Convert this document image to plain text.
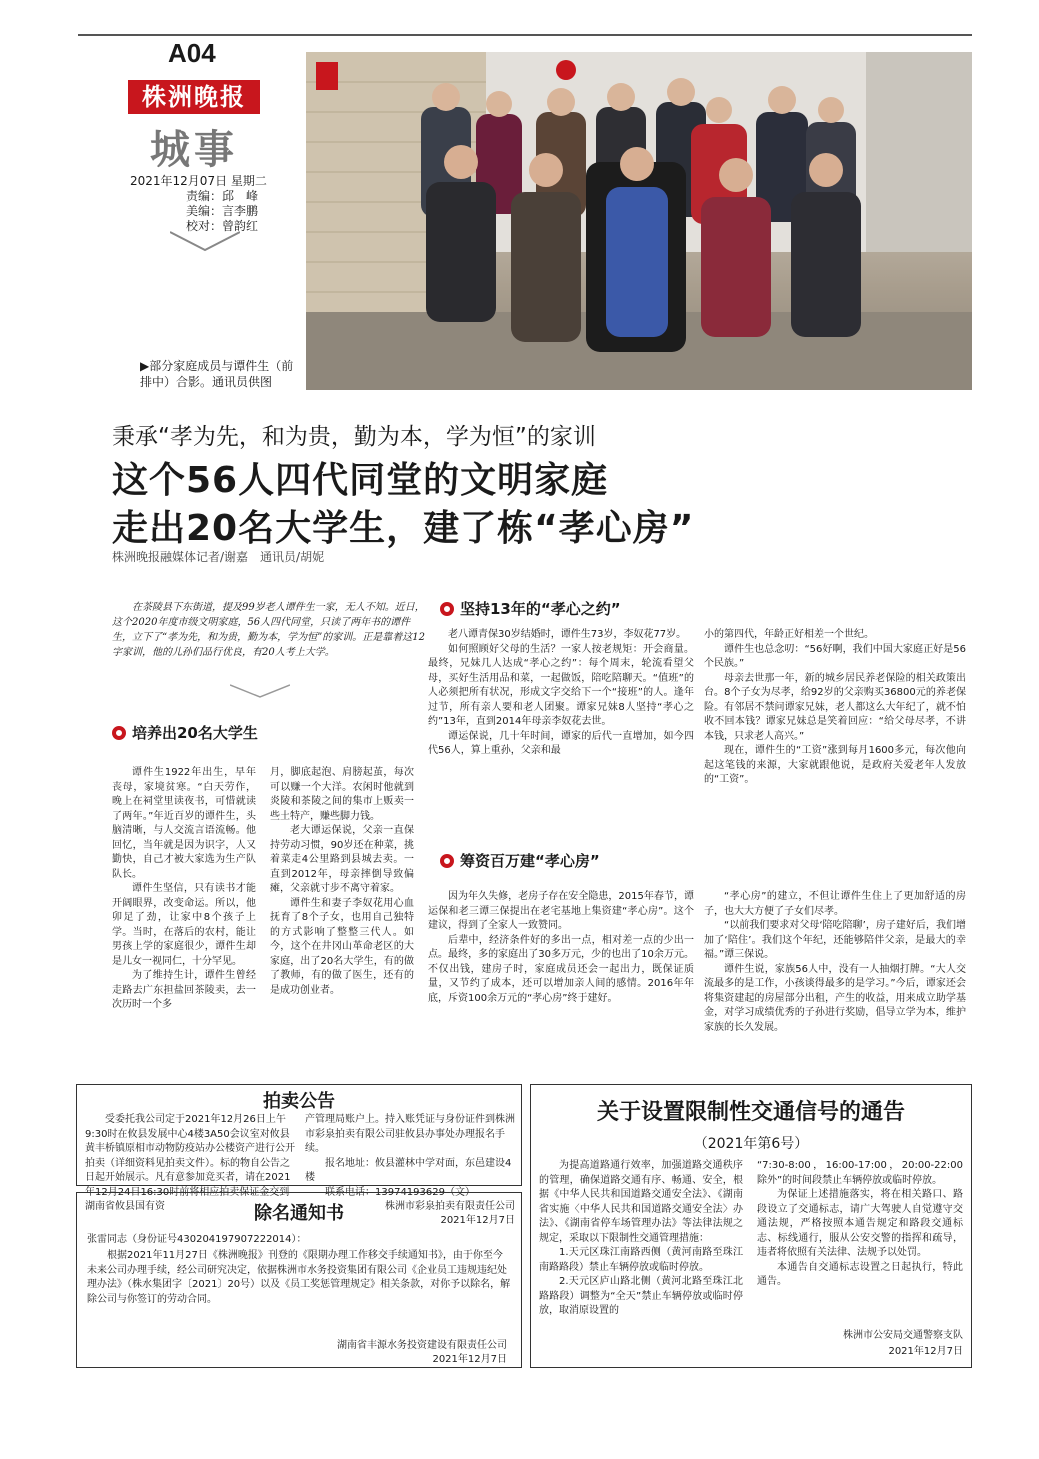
A04
株洲晚报
城事
2021年12月07日 星期二
责编：邱　峰
美编：言李鹏
校对：曾韵红
▶部分家庭成员与谭件生（前排中）合影。通讯员供图
秉承“孝为先，和为贵，勤为本，学为恒”的家训
这个56人四代同堂的文明家庭
走出20名大学生，建了栋“孝心房”
株洲晚报融媒体记者/谢嘉　通讯员/胡妮
在茶陵县下东街道，提及99岁老人谭件生一家，无人不知。近日，这个2020年度市级文明家庭，56人四代同堂，只读了两年书的谭件生，立下了“孝为先，和为贵，勤为本，学为恒”的家训。正是靠着这12字家训，他的儿孙们品行优良，有20人考上大学。
培养出20名大学生

谭件生1922年出生，早年丧母，家境贫寒。“白天劳作，晚上在祠堂里读夜书，可惜就读了两年。”年近百岁的谭件生，头脑清晰，与人交流言语流畅。他回忆，当年就是因为识字，人又勤快，自己才被大家选为生产队队长。

谭件生坚信，只有读书才能开阔眼界，改变命运。所以，他卯足了劲，让家中8个孩子上学。当时，在落后的农村，能让男孩上学的家庭很少，谭件生却是儿女一视同仁，十分罕见。

为了维持生计，谭件生曾经走路去广东担盐回茶陵卖，去一次历时一个多

月，脚底起泡、肩膀起茧，每次可以赚一个大洋。农闲时他就到炎陵和茶陵之间的集市上贩卖一些土特产，赚些脚力钱。

老大谭运保说，父亲一直保持劳动习惯，90岁还在种菜，挑着菜走4公里路到县城去卖。一直到2012年，母亲摔倒导致偏瘫，父亲就寸步不离守着家。

谭件生和妻子李奴花用心血抚育了8个子女，也用自己独特的方式影响了整整三代人。如今，这个在井冈山革命老区的大家庭，出了20名大学生，有的做了教师，有的做了医生，还有的是成功创业者。

坚持13年的“孝心之约”

老八谭青保30岁结婚时，谭件生73岁，李奴花77岁。

如何照顾好父母的生活？一家人按老规矩：开会商量。最终，兄妹几人达成“孝心之约”：每个周末，轮流看望父母，买好生活用品和菜，一起做饭，陪吃陪聊天。“值班”的人必须把所有状况，形成文字交给下一个“接班”的人。逢年过节，所有亲人要和老人团聚。谭家兄妹8人坚持“孝心之约”13年，直到2014年母亲李奴花去世。

谭运保说，几十年时间，谭家的后代一直增加，如今四代56人，算上重孙，父亲和最

小的第四代，年龄正好相差一个世纪。

谭件生也总念叨：“56好啊，我们中国大家庭正好是56个民族。”

母亲去世那一年，新的城乡居民养老保险的相关政策出台。8个子女为尽孝，给92岁的父亲购买36800元的养老保险。有邻居不禁问谭家兄妹，老人都这么大年纪了，就不怕收不回本钱？谭家兄妹总是笑着回应：“给父母尽孝，不讲本钱，只求老人高兴。”

现在，谭件生的“工资”涨到每月1600多元，每次他向起这笔钱的来源，大家就跟他说，是政府关爱老年人发放的“工资”。

筹资百万建“孝心房”

因为年久失修，老房子存在安全隐患，2015年春节，谭运保和老三谭三保提出在老宅基地上集资建“孝心房”。这个建议，得到了全家人一致赞同。

后辈中，经济条件好的多出一点，相对差一点的少出一点。最终，多的家庭出了30多万元，少的也出了10余万元。不仅出钱，建房子时，家庭成员还会一起出力，既保证质量，又节约了成本，还可以增加亲人间的感情。2016年年底，斥资100余万元的“孝心房”终于建好。

“孝心房”的建立，不但让谭件生住上了更加舒适的房子，也大大方便了子女们尽孝。

“以前我们要求对父母‘陪吃陪聊’，房子建好后，我们增加了‘陪住’。我们这个年纪，还能够陪伴父亲，是最大的幸福。”谭三保说。

谭件生说，家族56人中，没有一人抽烟打牌。“大人交流最多的是工作，小孩谈得最多的是学习。”今后，谭家还会将集资建起的房屋部分出租，产生的收益，用来成立助学基金，对学习成绩优秀的子孙进行奖励，倡导立学为本，维护家族的长久发展。

拍卖公告
受委托我公司定于2021年12月26日上午9:30时在攸县发展中心4楼3A50会议室对攸县黄丰桥镇原相市动物防疫站办公楼资产进行公开拍卖（详细资料见拍卖文件）。标的物自公告之日起开始展示。凡有意参加竞买者，请在2021年12月24日16:30时前将相应拍卖保证金交到湖南省攸县国有资
产管理局账户上。持入账凭证与身份证件到株洲市彩泉拍卖有限公司驻攸县办事处办理报名手续。
报名地址：攸县灌林中学对面，东邑建设4楼
联系电话：13974193629（文）
株洲市彩泉拍卖有限责任公司
2021年12月7日
除名通知书
张雷同志（身份证号430204197907222014）：
根据2021年11月27日《株洲晚报》刊登的《限期办理工作移交手续通知书》，由于你至今未来公司办理手续，经公司研究决定，依据株洲市水务投资集团有限公司《企业员工违规违纪处理办法》（株水集团字〔2021〕20号）以及《员工奖惩管理规定》相关条款，对你予以除名，解除公司与你签订的劳动合同。
湖南省丰源水务投资建设有限责任公司
2021年12月7日
关于设置限制性交通信号的通告
（2021年第6号）

为提高道路通行效率，加强道路交通秩序的管理，确保道路交通有序、畅通、安全，根据《中华人民共和国道路交通安全法》、《湖南省实施〈中华人民共和国道路交通安全法〉办法》、《湖南省停车场管理办法》等法律法规之规定，采取以下限制性交通管理措施：

1.天元区珠江南路西侧（黄河南路至珠江南路路段）禁止车辆停放或临时停放。

2.天元区庐山路北侧（黄河北路至珠江北路路段）调整为“全天”禁止车辆停放或临时停放，取消原设置的

“7:30-8:00，16:00-17:00，20:00-22:00除外”的时间段禁止车辆停放或临时停放。

为保证上述措施落实，将在相关路口、路段设立了交通标志，请广大驾驶人自觉遵守交通法规，严格按照本通告规定和路段交通标志、标线通行，服从公安交警的指挥和疏导，违者将依照有关法律、法规予以处罚。

本通告自交通标志设置之日起执行，特此通告。

株洲市公安局交通警察支队
2021年12月7日
